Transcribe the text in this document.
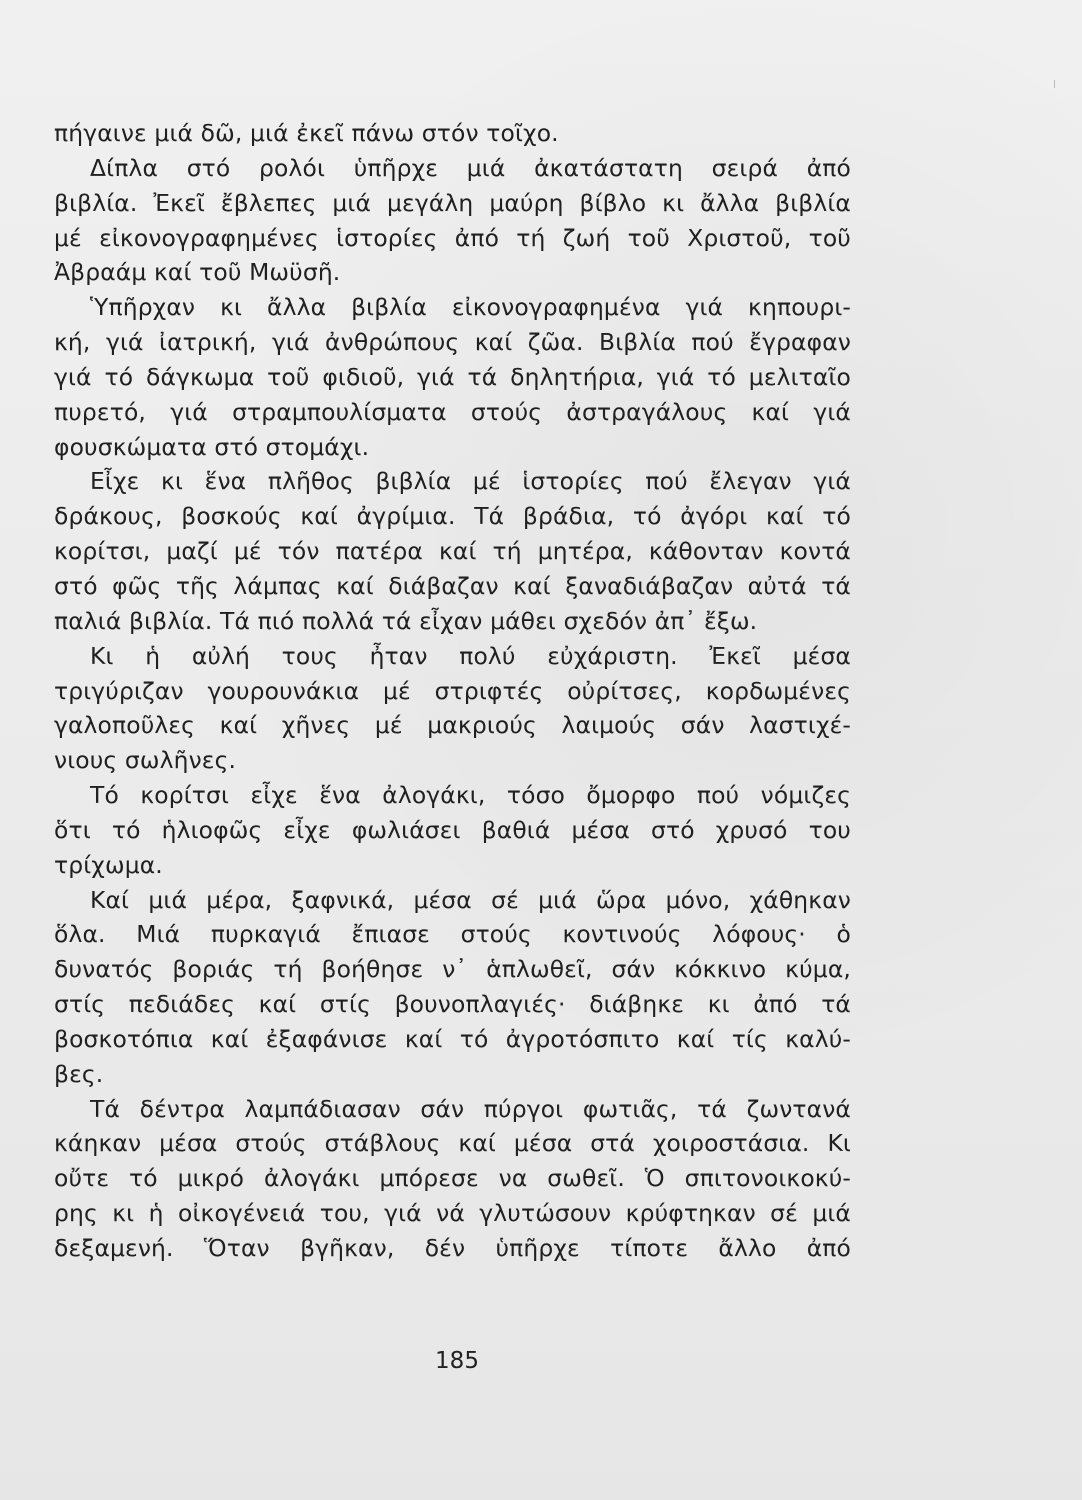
πήγαινε μιά δῶ, μιά ἐκεῖ πάνω στόν τοῖχο.
Δίπλα στό ρολόι ὑπῆρχε μιά ἀκατάστατη σειρά ἀπό
βιβλία. Ἐκεῖ ἔβλεπες μιά μεγάλη μαύρη βίβλο κι ἄλλα βιβλία
μέ εἰκονογραφημένες ἱστορίες ἀπό τή ζωή τοῦ Χριστοῦ, τοῦ
Ἀβραάμ καί τοῦ Μωϋσῆ.
Ὑπῆρχαν κι ἄλλα βιβλία εἰκονογραφημένα γιά κηπουρι-
κή, γιά ἰατρική, γιά ἀνθρώπους καί ζῶα. Βιβλία πού ἔγραφαν
γιά τό δάγκωμα τοῦ φιδιοῦ, γιά τά δηλητήρια, γιά τό μελιταῖο
πυρετό, γιά στραμπουλίσματα στούς ἀστραγάλους καί γιά
φουσκώματα στό στομάχι.
Εἶχε κι ἕνα πλῆθος βιβλία μέ ἱστορίες πού ἔλεγαν γιά
δράκους, βοσκούς καί ἀγρίμια. Τά βράδια, τό ἀγόρι καί τό
κορίτσι, μαζί μέ τόν πατέρα καί τή μητέρα, κάθονταν κοντά
στό φῶς τῆς λάμπας καί διάβαζαν καί ξαναδιάβαζαν αὐτά τά
παλιά βιβλία. Τά πιό πολλά τά εἶχαν μάθει σχεδόν ἀπ᾽ ἔξω.
Κι ἡ αὐλή τους ἦταν πολύ εὐχάριστη. Ἐκεῖ μέσα
τριγύριζαν γουρουνάκια μέ στριφτές οὐρίτσες, κορδωμένες
γαλοποῦλες καί χῆνες μέ μακριούς λαιμούς σάν λαστιχέ-
νιους σωλῆνες.
Τό κορίτσι εἶχε ἕνα ἀλογάκι, τόσο ὄμορφο πού νόμιζες
ὅτι τό ἡλιοφῶς εἶχε φωλιάσει βαθιά μέσα στό χρυσό του
τρίχωμα.
Καί μιά μέρα, ξαφνικά, μέσα σέ μιά ὥρα μόνο, χάθηκαν
ὅλα. Μιά πυρκαγιά ἔπιασε στούς κοντινούς λόφους· ὁ
δυνατός βοριάς τή βοήθησε ν᾽ ἁπλωθεῖ, σάν κόκκινο κύμα,
στίς πεδιάδες καί στίς βουνοπλαγιές· διάβηκε κι ἀπό τά
βοσκοτόπια καί ἐξαφάνισε καί τό ἀγροτόσπιτο καί τίς καλύ-
βες.
Τά δέντρα λαμπάδιασαν σάν πύργοι φωτιᾶς, τά ζωντανά
κάηκαν μέσα στούς στάβλους καί μέσα στά χοιροστάσια. Κι
οὔτε τό μικρό ἀλογάκι μπόρεσε να σωθεῖ. Ὁ σπιτονοικοκύ-
ρης κι ἡ οἰκογένειά του, γιά νά γλυτώσουν κρύφτηκαν σέ μιά
δεξαμενή. Ὅταν βγῆκαν, δέν ὑπῆρχε τίποτε ἄλλο ἀπό
185
